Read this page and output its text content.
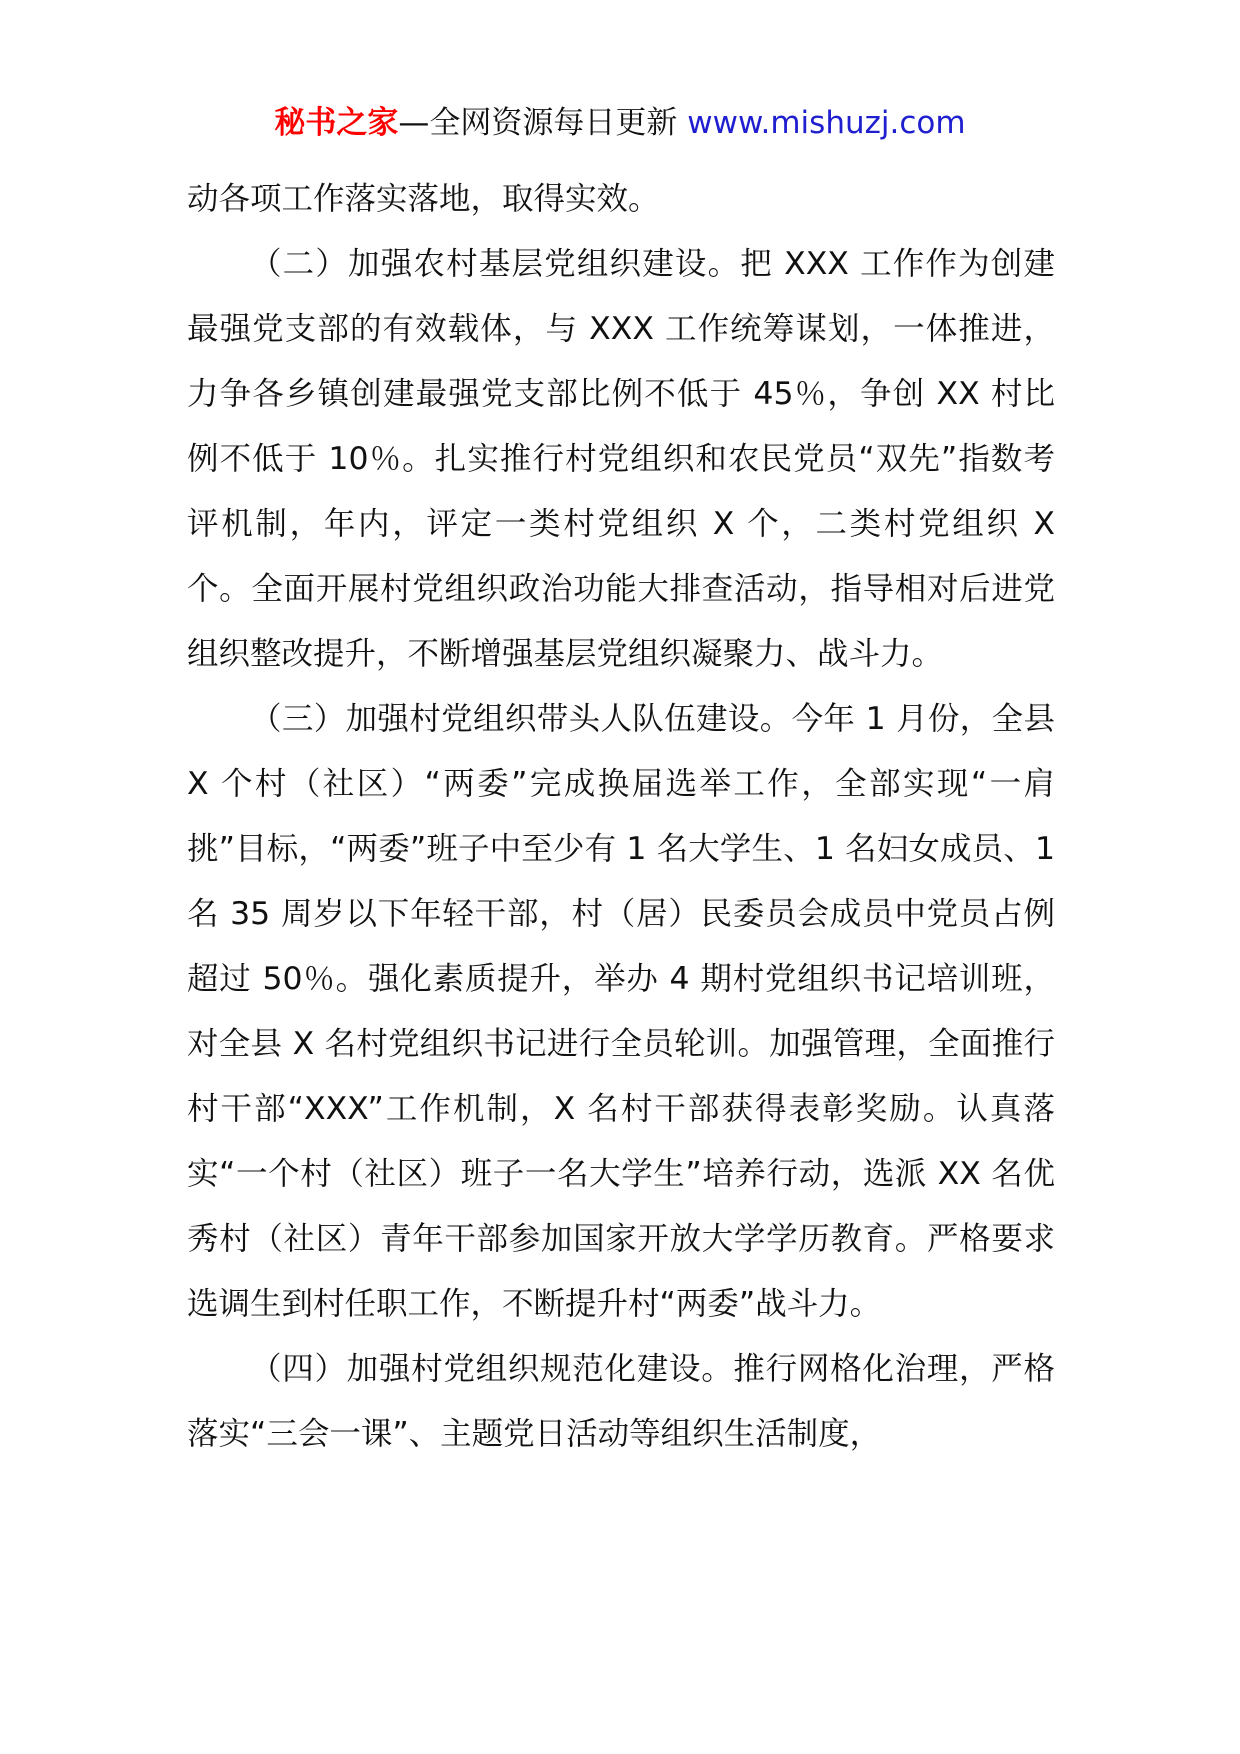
秘书之家—全网资源每日更新 www.mishuzj.com

动各项工作落实落地，取得实效。

（二）加强农村基层党组织建设。把 XXX 工作作为创建最强党支部的有效载体，与 XXX 工作统筹谋划，一体推进，力争各乡镇创建最强党支部比例不低于 45％，争创 XX 村比例不低于 10％。扎实推行村党组织和农民党员“双先”指数考评机制，年内，评定一类村党组织 X 个，二类村党组织 X 个。全面开展村党组织政治功能大排查活动，指导相对后进党组织整改提升，不断增强基层党组织凝聚力、战斗力。

（三）加强村党组织带头人队伍建设。今年 1 月份，全县 X 个村（社区）“两委”完成换届选举工作，全部实现“一肩挑”目标，“两委”班子中至少有 1 名大学生、1 名妇女成员、1 名 35 周岁以下年轻干部，村（居）民委员会成员中党员占例超过 50％。强化素质提升，举办 4 期村党组织书记培训班，对全县 X 名村党组织书记进行全员轮训。加强管理，全面推行村干部“XXX”工作机制，X 名村干部获得表彰奖励。认真落实“一个村（社区）班子一名大学生”培养行动，选派 XX 名优秀村（社区）青年干部参加国家开放大学学历教育。严格要求选调生到村任职工作，不断提升村“两委”战斗力。

（四）加强村党组织规范化建设。推行网格化治理，严格落实“三会一课”、主题党日活动等组织生活制度，
